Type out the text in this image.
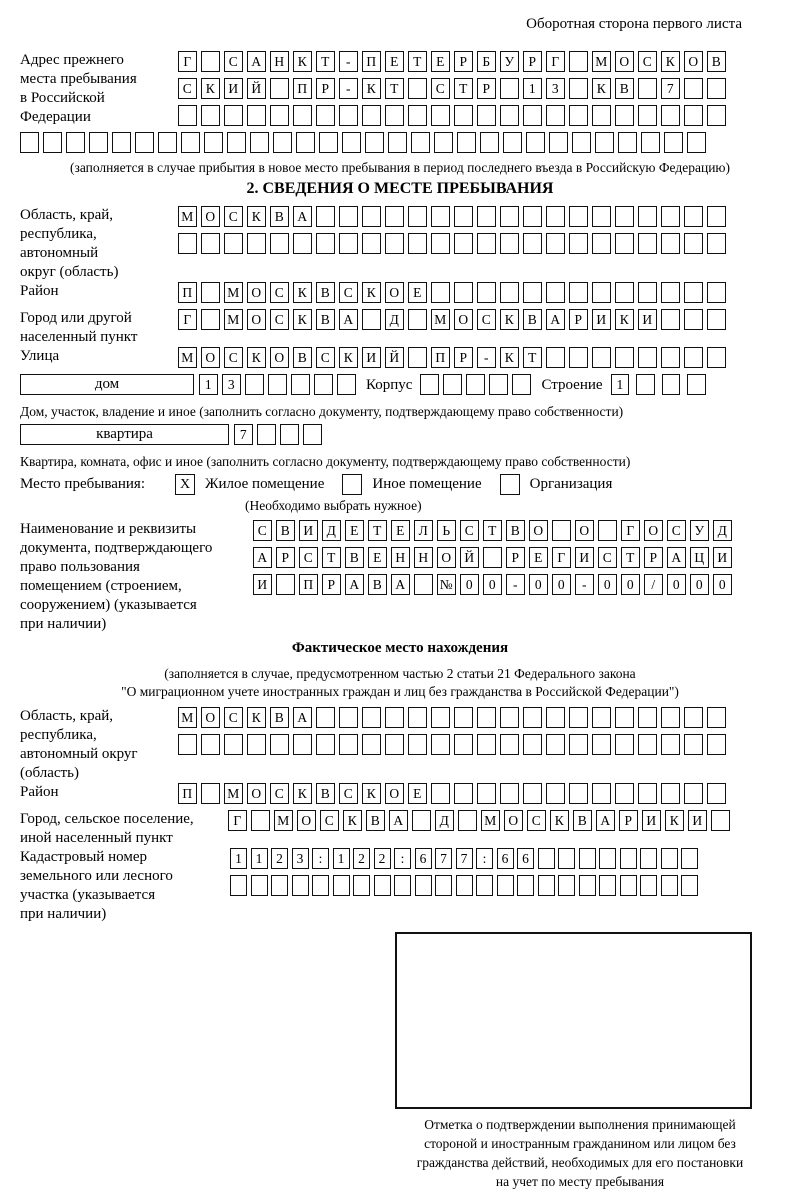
Оборотная сторона первого листа
Адрес прежнего
места пребывания
в Российской
Федерации
Г	С А Н К Т - П Е Т Е Р Б У Р Г	М О С К О В
С К И Й	П Р - К Т	С Т Р	1 3	К В	7
(заполняется в случае прибытия в новое место пребывания в период последнего въезда в Российскую Федерацию)
2. СВЕДЕНИЯ О МЕСТЕ ПРЕБЫВАНИЯ
Область, край,
республика,
автономный
округ (область)
М О С К В А
Район	П	М О С К В С К О Е
Город или другой
населенный пункт
Г	М О С К В А	Д	М О С К В А Р И К И
Улица	М О С К О В С К И Й	П Р - К Т
дом	1 3	Корпус	Строение	1
Дом, участок, владение и иное (заполнить согласно документу, подтверждающему право собственности)
квартира	7
Квартира, комната, офис и иное (заполнить согласно документу, подтверждающему право собственности)
Место пребывания:	X Жилое помещение	Иное помещение	Организация
(Необходимо выбрать нужное)
Наименование и реквизиты
документа, подтверждающего
право пользования
помещением (строением,
сооружением) (указывается
при наличии)
С В И Д Е Т Е Л Ь С Т В О	О	Г О С У Д
А Р С Т В Е Н Н О Й	Р Е Г И С Т Р А Ц И
И	П Р А В А	№ 0 0 - 0 0 - 0 0 / 0 0 0
Фактическое место нахождения
(заполняется в случае, предусмотренном частью 2 статьи 21 Федерального закона
"О миграционном учете иностранных граждан и лиц без гражданства в Российской Федерации")
Область, край,
республика,
автономный округ
(область)
М О С К В А
Район	П	М О С К В С К О Е
Город, сельское поселение,
иной населенный пункт
Г	М О С К В А	Д	М О С К В А Р И К И
Кадастровый номер
земельного или лесного
участка (указывается
при наличии)
1 1 2 3 : 1 2 2 : 6 7 7 : 6 6
Отметка о подтверждении выполнения принимающей
стороной и иностранным гражданином или лицом без
гражданства действий, необходимых для его постановки
на учет по месту пребывания
